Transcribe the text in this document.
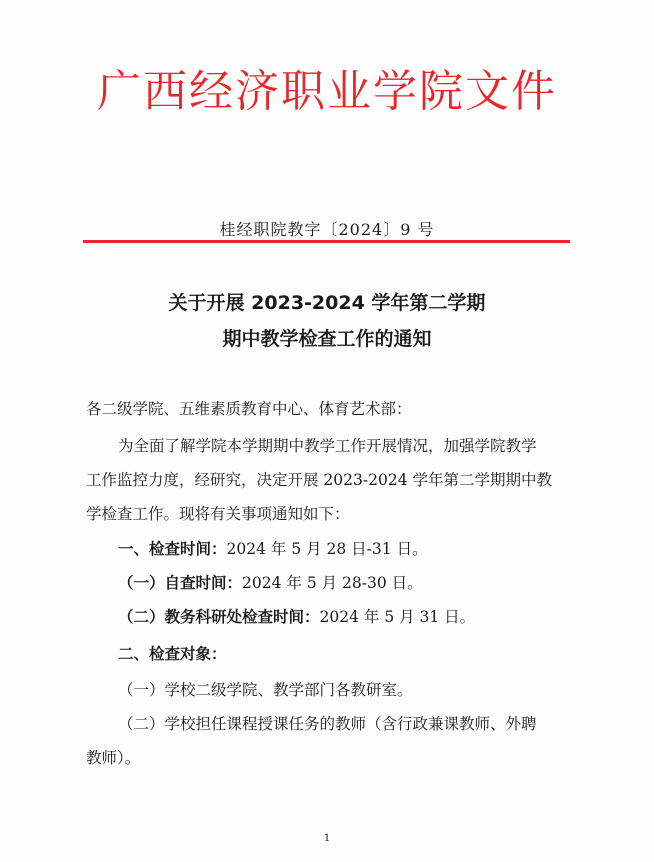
广西经济职业学院文件
桂经职院教字〔2024〕9 号
关于开展 2023-2024 学年第二学期
期中教学检查工作的通知
各二级学院、五维素质教育中心、体育艺术部：
为全面了解学院本学期期中教学工作开展情况，加强学院教学
工作监控力度，经研究，决定开展 2023-2024 学年第二学期期中教
学检查工作。现将有关事项通知如下：
一、检查时间：2024 年 5 月 28 日-31 日。
（一）自查时间：2024 年 5 月 28-30 日。
（二）教务科研处检查时间：2024 年 5 月 31 日。
二、检查对象：
（一）学校二级学院、教学部门各教研室。
（二）学校担任课程授课任务的教师（含行政兼课教师、外聘
教师）。
1
